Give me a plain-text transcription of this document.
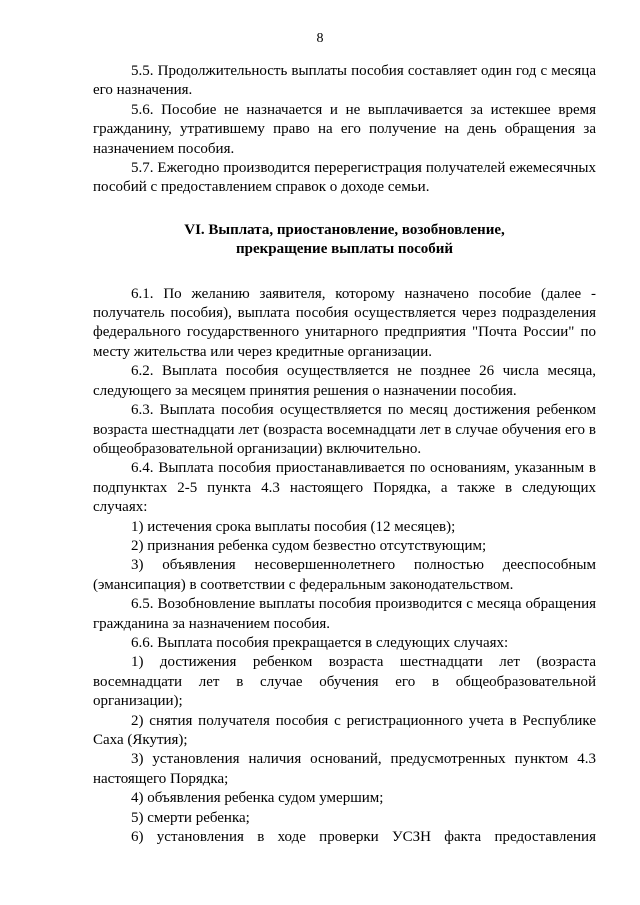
8

5.5. Продолжительность выплаты пособия составляет один год с месяца его назначения.

5.6. Пособие не назначается и не выплачивается за истекшее время гражданину, утратившему право на его получение на день обращения за назначением пособия.

5.7. Ежегодно производится перерегистрация получателей ежемесячных пособий с предоставлением справок о доходе семьи.

VI. Выплата, приостановление, возобновление,
прекращение выплаты пособий

6.1. По желанию заявителя, которому назначено пособие (далее - получатель пособия), выплата пособия осуществляется через подразделения федерального государственного унитарного предприятия "Почта России" по месту жительства или через кредитные организации.

6.2. Выплата пособия осуществляется не позднее 26 числа месяца, следующего за месяцем принятия решения о назначении пособия.

6.3. Выплата пособия осуществляется по месяц достижения ребенком возраста шестнадцати лет (возраста восемнадцати лет в случае обучения его в общеобразовательной организации) включительно.

6.4. Выплата пособия приостанавливается по основаниям, указанным в подпунктах 2-5 пункта 4.3 настоящего Порядка, а также в следующих случаях:

1) истечения срока выплаты пособия (12 месяцев);

2) признания ребенка судом безвестно отсутствующим;

3) объявления несовершеннолетнего полностью дееспособным (эмансипация) в соответствии с федеральным законодательством.

6.5. Возобновление выплаты пособия производится с месяца обращения гражданина за назначением пособия.

6.6. Выплата пособия прекращается в следующих случаях:

1) достижения ребенком возраста шестнадцати лет (возраста восемнадцати лет в случае обучения его в общеобразовательной организации);

2) снятия получателя пособия с регистрационного учета в Республике Саха (Якутия);

3) установления наличия оснований, предусмотренных пунктом 4.3 настоящего Порядка;

4) объявления ребенка судом умершим;

5) смерти ребенка;

6) установления в ходе проверки УСЗН факта предоставления
